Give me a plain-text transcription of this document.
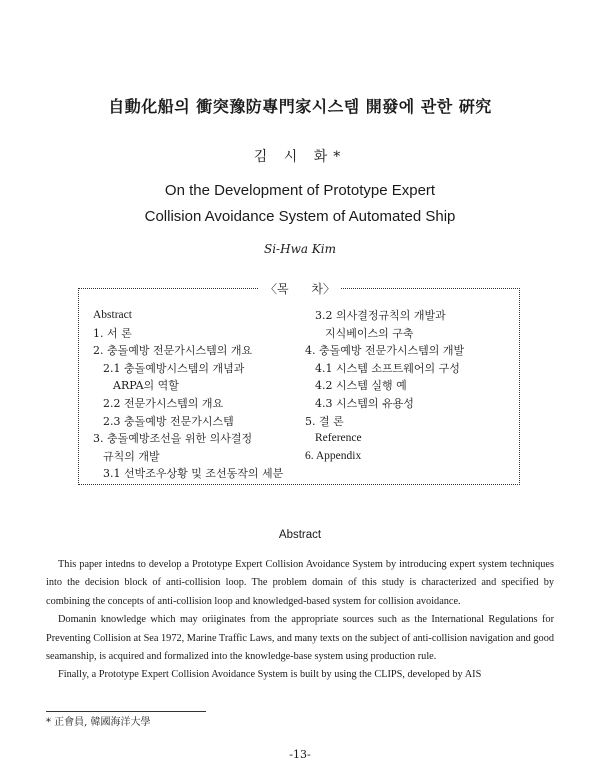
自動化船의 衝突豫防專門家시스템 開發에 관한 硏究
김 시 화*
On the Development of Prototype Expert
Collision Avoidance System of Automated Ship
Si-Hwa Kim
Abstract
1. 서 론
2. 충돌예방 전문가시스템의 개요
2.1 충돌예방시스템의 개념과
ARPA의 역할
2.2 전문가시스템의 개요
2.3 충돌예방 전문가시스템
3. 충돌예방조선을 위한 의사결정
규칙의 개발
3.1 선박조우상황 및 조선동작의 세분
3.2 의사결정규칙의 개발과
지식베이스의 구축
4. 충돌예방 전문가시스템의 개발
4.1 시스템 소프트웨어의 구성
4.2 시스템 실행 예
4.3 시스템의 유용성
5. 결 론
Reference
6. Appendix
〈목      차〉
Abstract

This paper intedns to develop a Prototype Expert Collision Avoidance System by introducing expert system techniques into the decision block of anti-collision loop. The problem domain of this study is characterized and specified by combining the concepts of anti-collision loop and knowledged-based system for collision avoidance.

Domanin knowledge which may oriiginates from the appropriate sources such as the International Regulations for Preventing Collision at Sea 1972, Marine Traffic Laws, and many texts on the subject of anti-collision navigation and good seamanship, is acquired and formalized into the knowledge-base system using production rule.

Finally, a Prototype Expert Collision Avoidance System is built by using the CLIPS, developed by AIS

* 正會員, 韓國海洋大學
-13-
